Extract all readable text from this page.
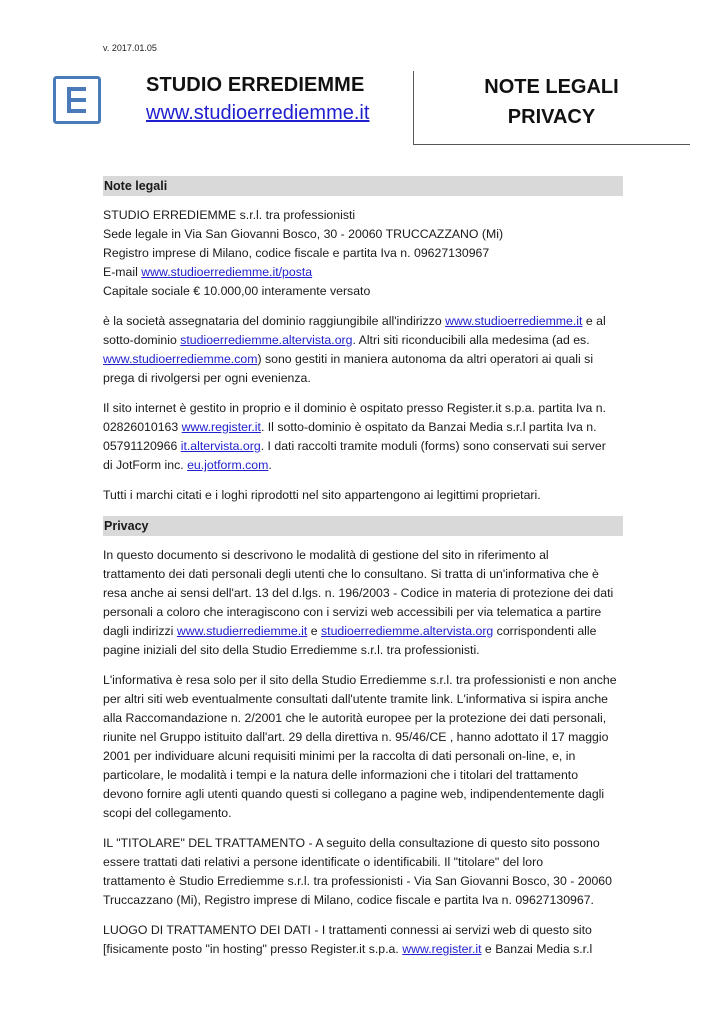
v. 2017.01.05
STUDIO ERREDIEMME
www.studioerrediemme.it
NOTE LEGALI
PRIVACY
Note legali
STUDIO ERREDIEMME s.r.l. tra professionisti
Sede legale in Via San Giovanni Bosco, 30 - 20060 TRUCCAZZANO (Mi)
Registro imprese di Milano, codice fiscale e partita Iva n. 09627130967
E-mail www.studioerrediemme.it/posta
Capitale sociale € 10.000,00 interamente versato
è la società assegnataria del dominio raggiungibile all'indirizzo www.studioerrediemme.it e al
sotto-dominio studioerrediemme.altervista.org. Altri siti riconducibili alla medesima (ad es.
www.studioerrediemme.com) sono gestiti in maniera autonoma da altri operatori ai quali si
prega di rivolgersi per ogni evenienza.
Il sito internet è gestito in proprio e il dominio è ospitato presso Register.it s.p.a. partita Iva n.
02826010163 www.register.it. Il sotto-dominio è ospitato da Banzai Media s.r.l partita Iva n.
05791120966 it.altervista.org. I dati raccolti tramite moduli (forms) sono conservati sui server
di JotForm inc. eu.jotform.com.
Tutti i marchi citati e i loghi riprodotti nel sito appartengono ai legittimi proprietari.
Privacy
In questo documento si descrivono le modalità di gestione del sito in riferimento al
trattamento dei dati personali degli utenti che lo consultano. Si tratta di un'informativa che è
resa anche ai sensi dell'art. 13 del d.lgs. n. 196/2003 - Codice in materia di protezione dei dati
personali a coloro che interagiscono con i servizi web accessibili per via telematica a partire
dagli indirizzi www.studierrediemme.it e studioerrediemme.altervista.org corrispondenti alle
pagine iniziali del sito della Studio Errediemme s.r.l. tra professionisti.
L'informativa è resa solo per il sito della Studio Errediemme s.r.l. tra professionisti e non anche
per altri siti web eventualmente consultati dall'utente tramite link. L'informativa si ispira anche
alla Raccomandazione n. 2/2001 che le autorità europee per la protezione dei dati personali,
riunite nel Gruppo istituito dall'art. 29 della direttiva n. 95/46/CE , hanno adottato il 17 maggio
2001 per individuare alcuni requisiti minimi per la raccolta di dati personali on-line, e, in
particolare, le modalità i tempi e la natura delle informazioni che i titolari del trattamento
devono fornire agli utenti quando questi si collegano a pagine web, indipendentemente dagli
scopi del collegamento.
IL "TITOLARE" DEL TRATTAMENTO - A seguito della consultazione di questo sito possono
essere trattati dati relativi a persone identificate o identificabili. Il "titolare" del loro
trattamento è Studio Errediemme s.r.l. tra professionisti - Via San Giovanni Bosco, 30 - 20060
Truccazzano (Mi), Registro imprese di Milano, codice fiscale e partita Iva n. 09627130967.
LUOGO DI TRATTAMENTO DEI DATI - I trattamenti connessi ai servizi web di questo sito
[fisicamente posto "in hosting" presso Register.it s.p.a. www.register.it e Banzai Media s.r.l
